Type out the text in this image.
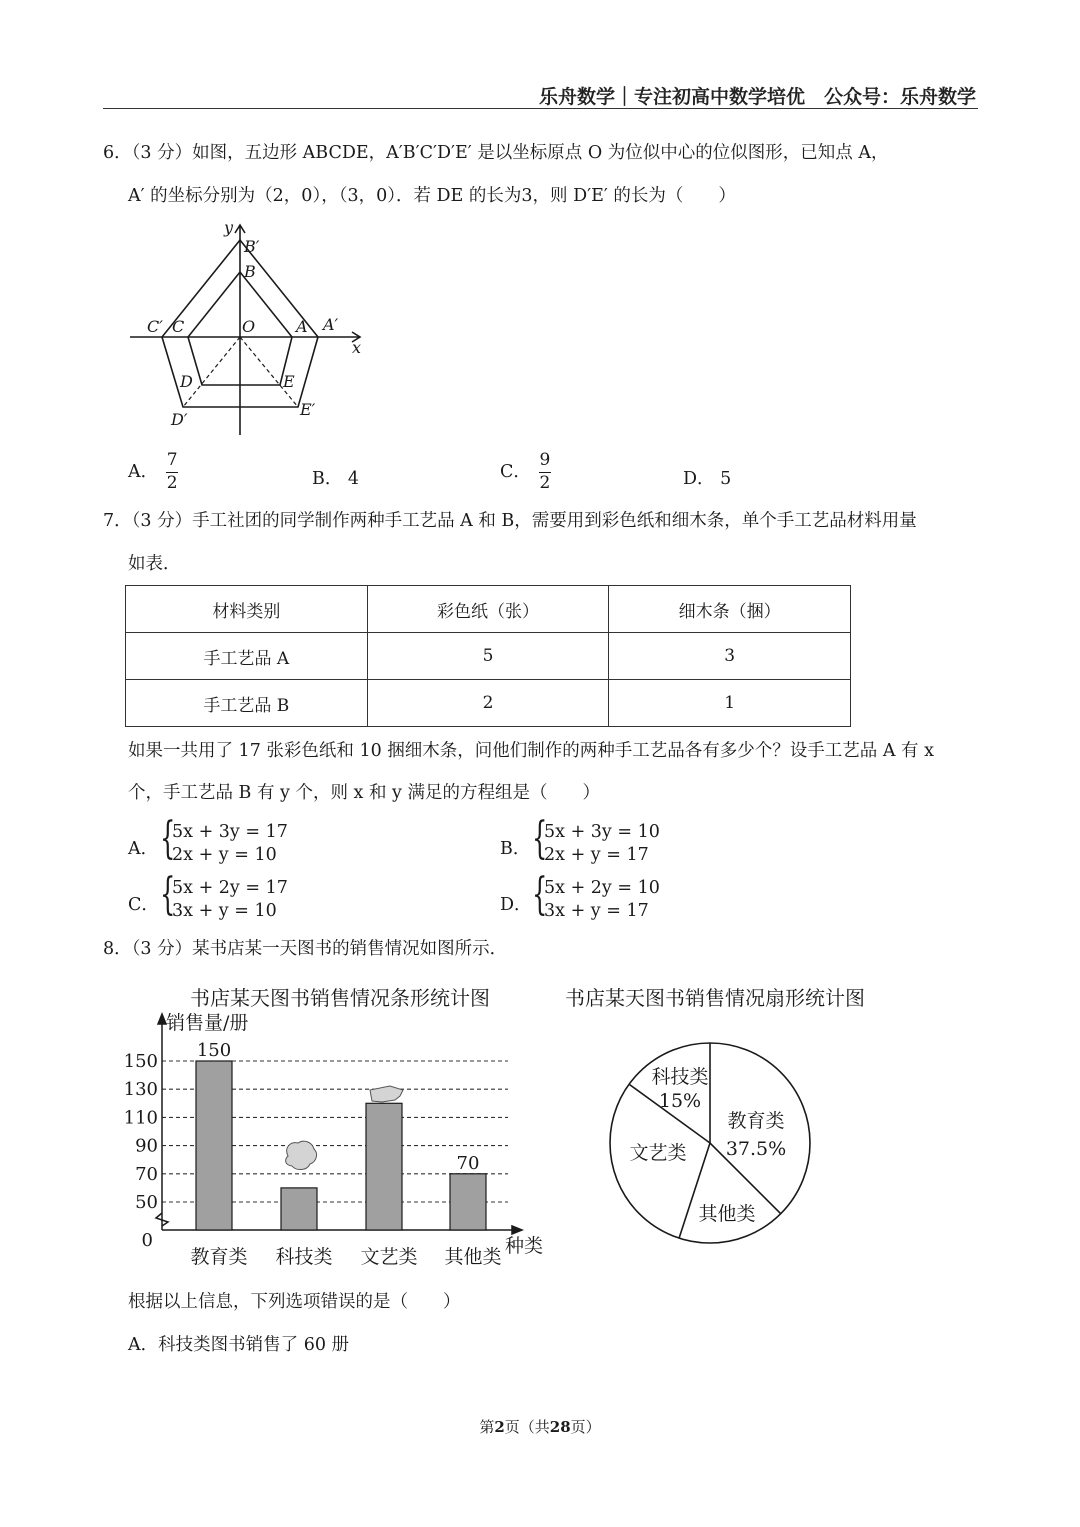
乐舟数学｜专注初高中数学培优　公众号：乐舟数学
6．（3 分）如图，五边形 ABCDE，A′B′C′D′E′ 是以坐标原点 O 为位似中心的位似图形，已知点 A，
A′ 的坐标分别为（2，0），（3，0）．若 DE 的长为3，则 D′E′ 的长为（　　）
y
x
O	A A′
B
B′
C
C′
D
D′
E
E′
A． $\frac{7}{2}$	B． 4	C． $\frac{9}{2}$	D． 5
7．（3 分）手工社团的同学制作两种手工艺品 A 和 B，需要用到彩色纸和细木条，单个手工艺品材料用量
如表．
材料类别	彩色纸（张）	细木条（捆）
手工艺品 A	5	3
手工艺品 B	2	1
如果一共用了 17 张彩色纸和 10 捆细木条，问他们制作的两种手工艺品各有多少个？设手工艺品 A 有 x
个，手工艺品 B 有 y 个，则 x 和 y 满足的方程组是（　　）
A． {
5x + 3y = 17
2x + y = 10	B． {
5x + 3y = 10
2x + y = 17
C． {
5x + 2y = 17
3x + y = 10	D． {
5x + 2y = 10
3x + y = 17
8．（3 分）某书店某一天图书的销售情况如图所示．
书店某天图书销售情况条形统计图	书店某天图书销售情况扇形统计图
50
70
90
110
130
150
0
销售量/册
种类
教育类
150
科技类 文艺类 其他类
70
教育类
37.5%
其他类
文艺类
科技类
15%
根据以上信息，下列选项错误的是（　　）
A．科技类图书销售了 60 册
第2页（共28页）
